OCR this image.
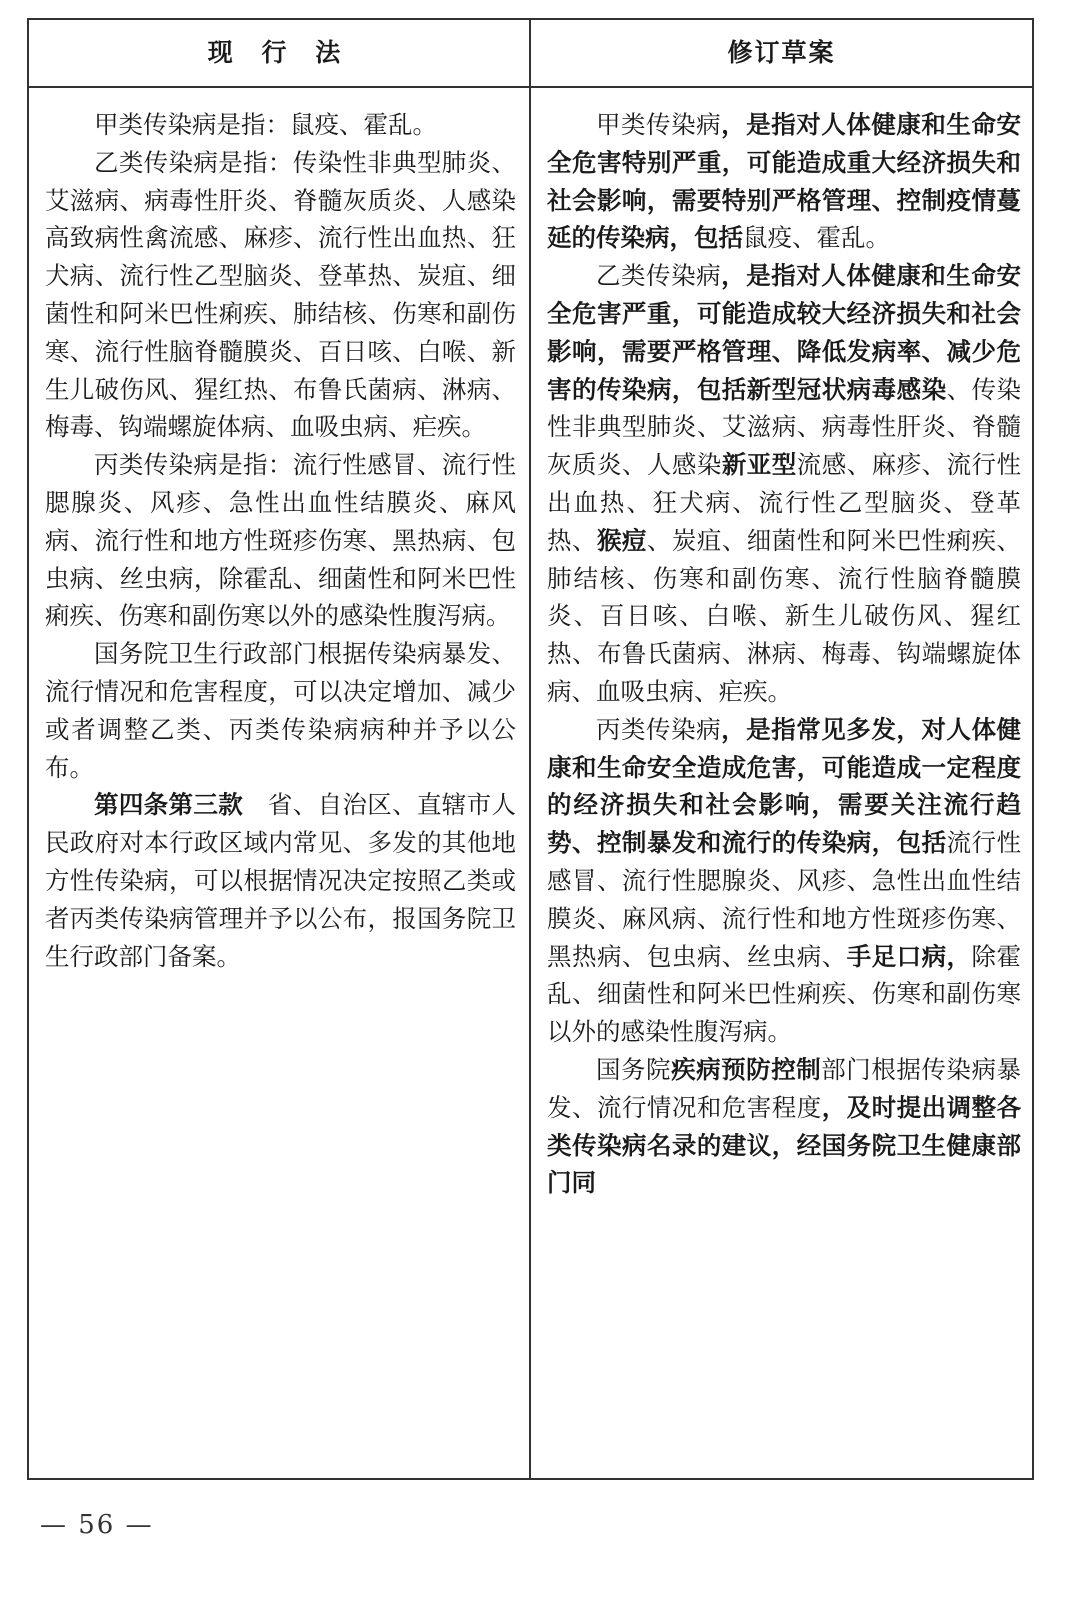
现 行 法	修订草案

甲类传染病是指：鼠疫、霍乱。

乙类传染病是指：传染性非典型肺炎、艾滋病、病毒性肝炎、脊髓灰质炎、人感染高致病性禽流感、麻疹、流行性出血热、狂犬病、流行性乙型脑炎、登革热、炭疽、细菌性和阿米巴性痢疾、肺结核、伤寒和副伤寒、流行性脑脊髓膜炎、百日咳、白喉、新生儿破伤风、猩红热、布鲁氏菌病、淋病、梅毒、钩端螺旋体病、血吸虫病、疟疾。

丙类传染病是指：流行性感冒、流行性腮腺炎、风疹、急性出血性结膜炎、麻风病、流行性和地方性斑疹伤寒、黑热病、包虫病、丝虫病，除霍乱、细菌性和阿米巴性痢疾、伤寒和副伤寒以外的感染性腹泻病。

国务院卫生行政部门根据传染病暴发、流行情况和危害程度，可以决定增加、减少或者调整乙类、丙类传染病病种并予以公布。

第四条第三款　省、自治区、直辖市人民政府对本行政区域内常见、多发的其他地方性传染病，可以根据情况决定按照乙类或者丙类传染病管理并予以公布，报国务院卫生行政部门备案。

甲类传染病，是指对人体健康和生命安全危害特别严重，可能造成重大经济损失和社会影响，需要特别严格管理、控制疫情蔓延的传染病，包括鼠疫、霍乱。

乙类传染病，是指对人体健康和生命安全危害严重，可能造成较大经济损失和社会影响，需要严格管理、降低发病率、减少危害的传染病，包括新型冠状病毒感染、传染性非典型肺炎、艾滋病、病毒性肝炎、脊髓灰质炎、人感染新亚型流感、麻疹、流行性出血热、狂犬病、流行性乙型脑炎、登革热、猴痘、炭疽、细菌性和阿米巴性痢疾、肺结核、伤寒和副伤寒、流行性脑脊髓膜炎、百日咳、白喉、新生儿破伤风、猩红热、布鲁氏菌病、淋病、梅毒、钩端螺旋体病、血吸虫病、疟疾。

丙类传染病，是指常见多发，对人体健康和生命安全造成危害，可能造成一定程度的经济损失和社会影响，需要关注流行趋势、控制暴发和流行的传染病，包括流行性感冒、流行性腮腺炎、风疹、急性出血性结膜炎、麻风病、流行性和地方性斑疹伤寒、黑热病、包虫病、丝虫病、手足口病，除霍乱、细菌性和阿米巴性痢疾、伤寒和副伤寒以外的感染性腹泻病。

国务院疾病预防控制部门根据传染病暴发、流行情况和危害程度，及时提出调整各类传染病名录的建议，经国务院卫生健康部门同

— 56 —
